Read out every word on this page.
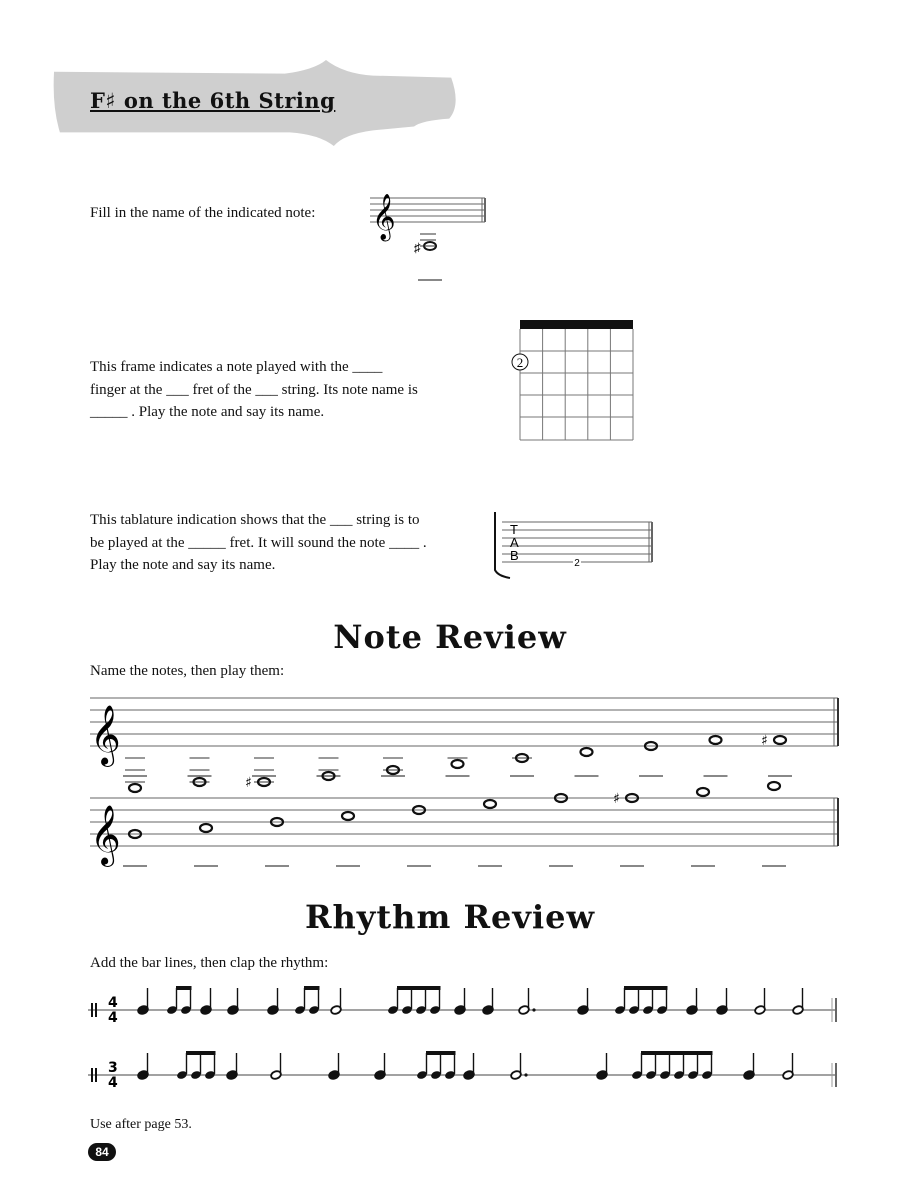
F♯ on the 6th String
Fill in the name of the indicated note: 𝄞
♯
This frame indicates a note played with the ____
finger at the ___ fret of the ___ string. Its note name is
_____ . Play the note and say its name.
2
This tablature indication shows that the ___ string is to
be played at the _____ fret. It will sound the note ____ .
Play the note and say its name.
T
A
B
2
Note Review
Name the notes, then play them:
𝄞
♯
♯
𝄞
♯
Rhythm Review
Add the bar lines, then clap the rhythm:
4
4
3
4
Use after page 53.
84
